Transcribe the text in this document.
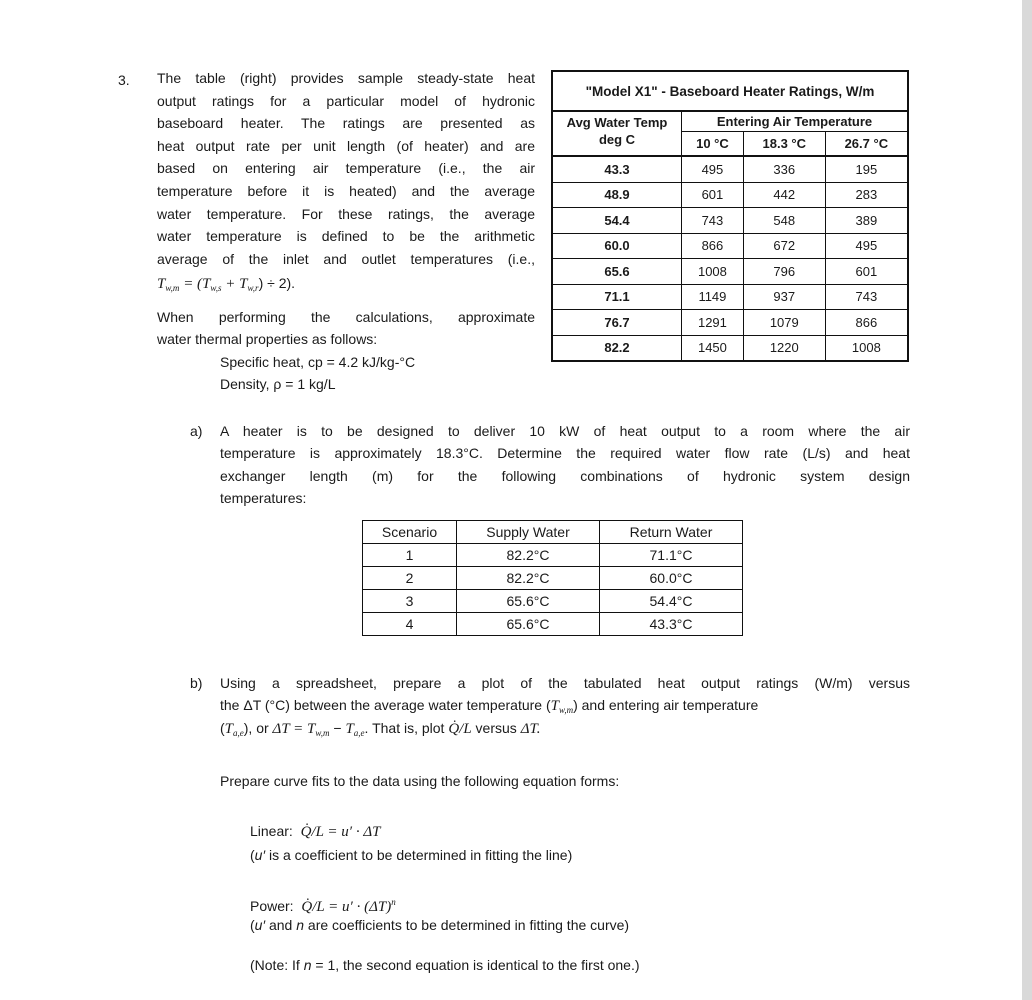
3. The table (right) provides sample steady-state heat
output ratings for a particular model of hydronic
baseboard heater. The ratings are presented as
heat output rate per unit length (of heater) and are
based on entering air temperature (i.e., the air
temperature before it is heated) and the average
water temperature. For these ratings, the average
water temperature is defined to be the arithmetic
average of the inlet and outlet temperatures (i.e.,
$T_{w,m} = (T_{w,s} + T_{w,r}) \div 2$).
When performing the calculations, approximate
water thermal properties as follows:
Specific heat, cp = 4.2 kJ/kg-°C
Density, ρ = 1 kg/L
"Model X1" - Baseboard Heater Ratings, W/m			
Avg Water Temp
deg C	Entering Air Temperature		
	10 °C	18.3 °C	26.7 °C
43.3	495	336	195
48.9	601	442	283
54.4	743	548	389
60.0	866	672	495
65.6	1008	796	601
71.1	1149	937	743
76.7	1291	1079	866
82.2	1450	1220	1008
a) A heater is to be designed to deliver 10 kW of heat output to a room where the air
temperature is approximately 18.3°C. Determine the required water flow rate (L/s) and heat
exchanger length (m) for the following combinations of hydronic system design
temperatures:
Scenario	Supply Water	Return Water
1	82.2°C	71.1°C
2	82.2°C	60.0°C
3	65.6°C	54.4°C
4	65.6°C	43.3°C
b) Using a spreadsheet, prepare a plot of the tabulated heat output ratings (W/m) versus
the ΔT (°C) between the average water temperature $(T_{w,m})$ and entering air temperature
$(T_{a,e})$, or $\Delta T = T_{w,m} - T_{a,e}$. That is, plot Q̇/L versus ΔT.
Prepare curve fits to the data using the following equation forms:
Linear: Q̇/L = u′ · ΔT
(u′ is a coefficient to be determined in fitting the line)
Power: Q̇/L = $u' \cdot (\Delta T)^n$
(u′ and n are coefficients to be determined in fitting the curve)
(Note: If n = 1, the second equation is identical to the first one.)
